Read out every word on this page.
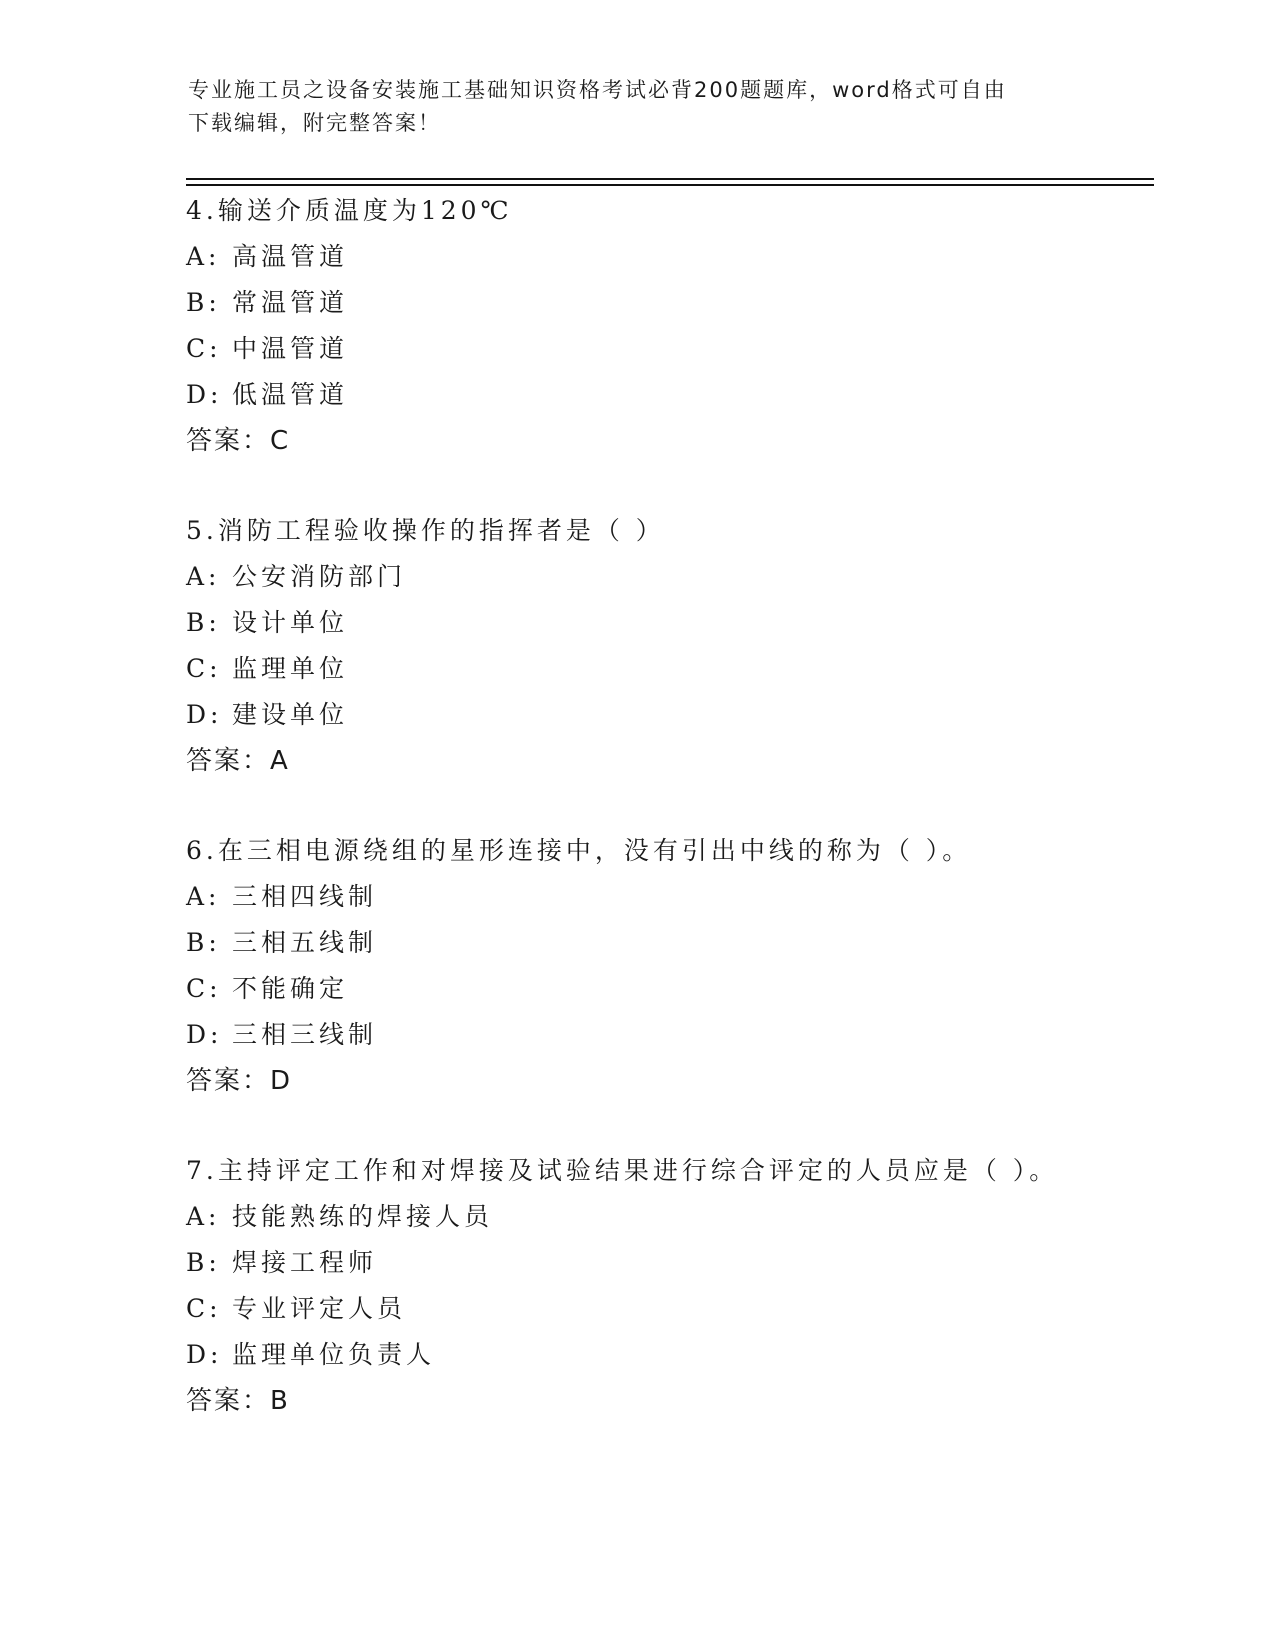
专业施工员之设备安装施工基础知识资格考试必背200题题库，word格式可自由
下载编辑，附完整答案！
4.输送介质温度为120℃
A: 高温管道
B: 常温管道
C: 中温管道
D: 低温管道
答案：C
5.消防工程验收操作的指挥者是（ ）
A: 公安消防部门
B: 设计单位
C: 监理单位
D: 建设单位
答案：A
6.在三相电源绕组的星形连接中，没有引出中线的称为（ ）。
A: 三相四线制
B: 三相五线制
C: 不能确定
D: 三相三线制
答案：D
7.主持评定工作和对焊接及试验结果进行综合评定的人员应是（ ）。
A: 技能熟练的焊接人员
B: 焊接工程师
C: 专业评定人员
D: 监理单位负责人
答案：B
